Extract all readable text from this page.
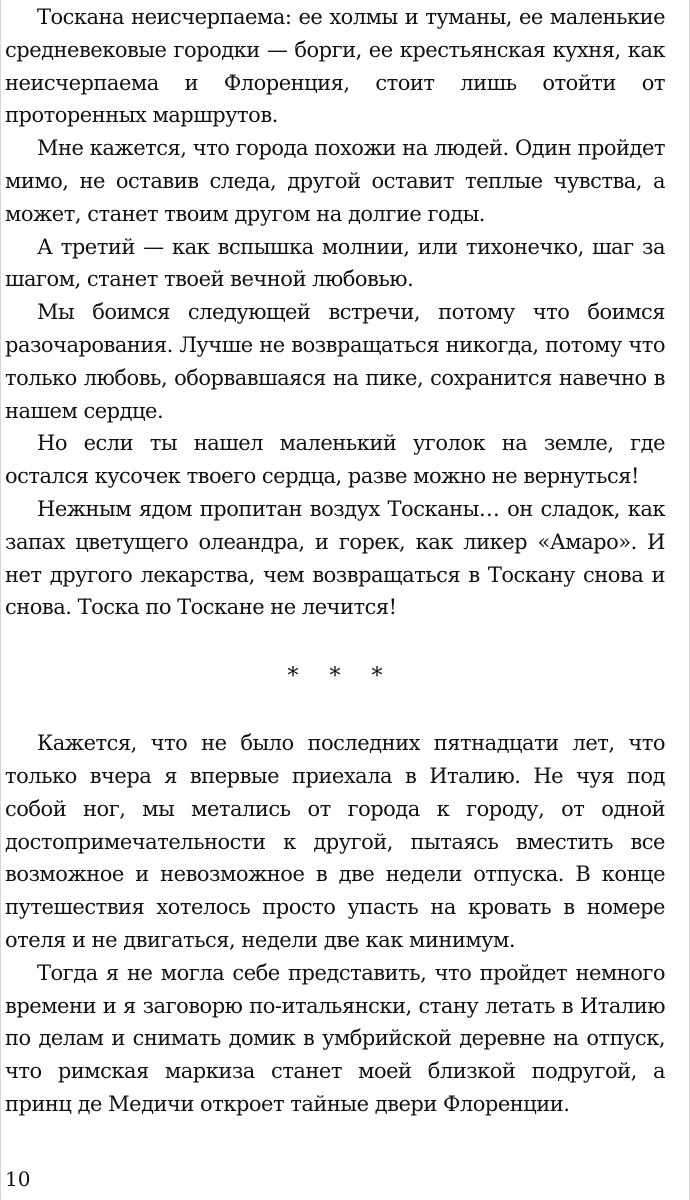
Тоскана неисчерпаема: ее холмы и туманы, ее маленькие средневековые городки — борги, ее крестьянская кухня, как неисчерпаема и Флоренция, стоит лишь отойти от проторенных маршрутов.

Мне кажется, что города похожи на людей. Один пройдет мимо, не оставив следа, другой оставит теплые чувства, а может, станет твоим другом на долгие годы.

А третий — как вспышка молнии, или тихонечко, шаг за шагом, станет твоей вечной любовью.

Мы боимся следующей встречи, потому что боимся разочарования. Лучше не возвращаться никогда, потому что только любовь, оборвавшаяся на пике, сохранится навечно в нашем сердце.

Но если ты нашел маленький уголок на земле, где остался кусочек твоего сердца, разве можно не вернуться!

Нежным ядом пропитан воздух Тосканы… он сладок, как запах цветущего олеандра, и горек, как ликер «Амаро». И нет другого лекарства, чем возвращаться в Тоскану снова и снова. Тоска по Тоскане не лечится!

* * *

Кажется, что не было последних пятнадцати лет, что только вчера я впервые приехала в Италию. Не чуя под собой ног, мы метались от города к городу, от одной достопримечательности к другой, пытаясь вместить все возможное и невозможное в две недели отпуска. В конце путешествия хотелось просто упасть на кровать в номере отеля и не двигаться, недели две как минимум.

Тогда я не могла себе представить, что пройдет немного времени и я заговорю по-итальянски, стану летать в Италию по делам и снимать домик в умбрийской деревне на отпуск, что римская маркиза станет моей близкой подругой, а принц де Медичи откроет тайные двери Флоренции.

10
